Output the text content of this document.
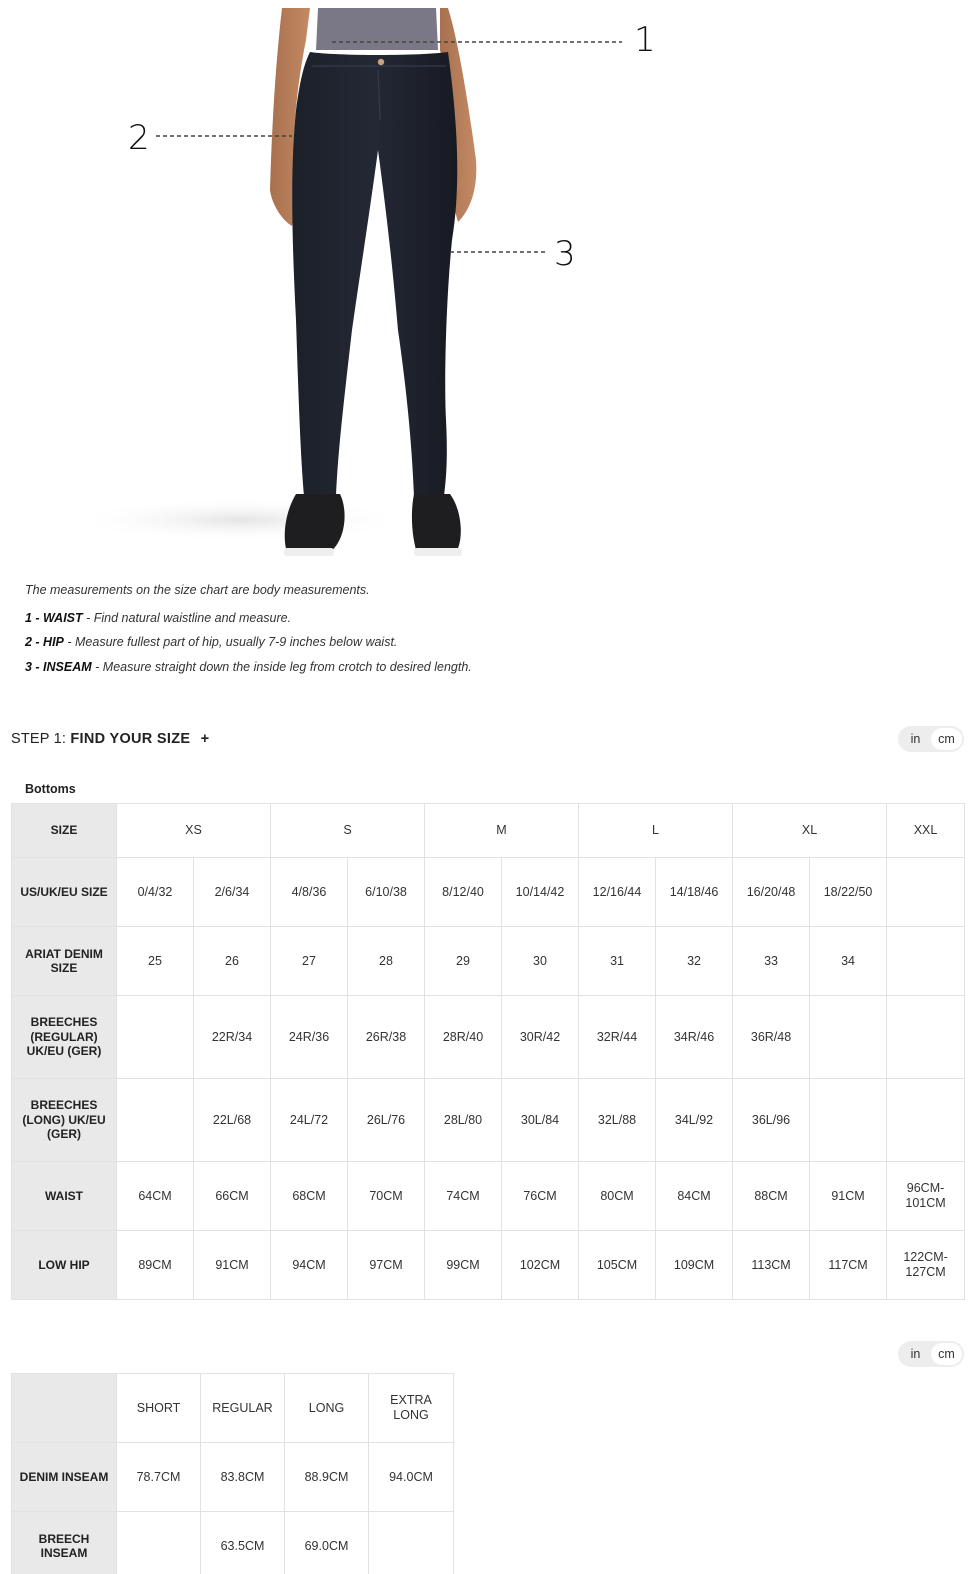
1
2
3

The measurements on the size chart are body measurements.

1 - WAIST - Find natural waistline and measure.

2 - HIP - Measure fullest part of hip, usually 7-9 inches below waist.

3 - INSEAM - Measure straight down the inside leg from crotch to desired length.

STEP 1: FIND YOUR SIZE +	in	cm
Bottoms
SIZE	XS		S		M		L		XL		XXL
US/UK/EU SIZE	0/4/32	2/6/34	4/8/36	6/10/38	8/12/40	10/14/42	12/16/44	14/18/46	16/20/48	18/22/50	
ARIAT DENIM SIZE	25	26	27	28	29	30	31	32	33	34	
BREECHES (REGULAR) UK/EU (GER)		22R/34	24R/36	26R/38	28R/40	30R/42	32R/44	34R/46	36R/48		
BREECHES (LONG) UK/EU (GER)		22L/68	24L/72	26L/76	28L/80	30L/84	32L/88	34L/92	36L/96		
WAIST	64CM	66CM	68CM	70CM	74CM	76CM	80CM	84CM	88CM	91CM	96CM-101CM
LOW HIP	89CM	91CM	94CM	97CM	99CM	102CM	105CM	109CM	113CM	117CM	122CM-127CM
in	cm
	SHORT	REGULAR	LONG	EXTRA LONG
DENIM INSEAM	78.7CM	83.8CM	88.9CM	94.0CM
BREECH INSEAM		63.5CM	69.0CM	
